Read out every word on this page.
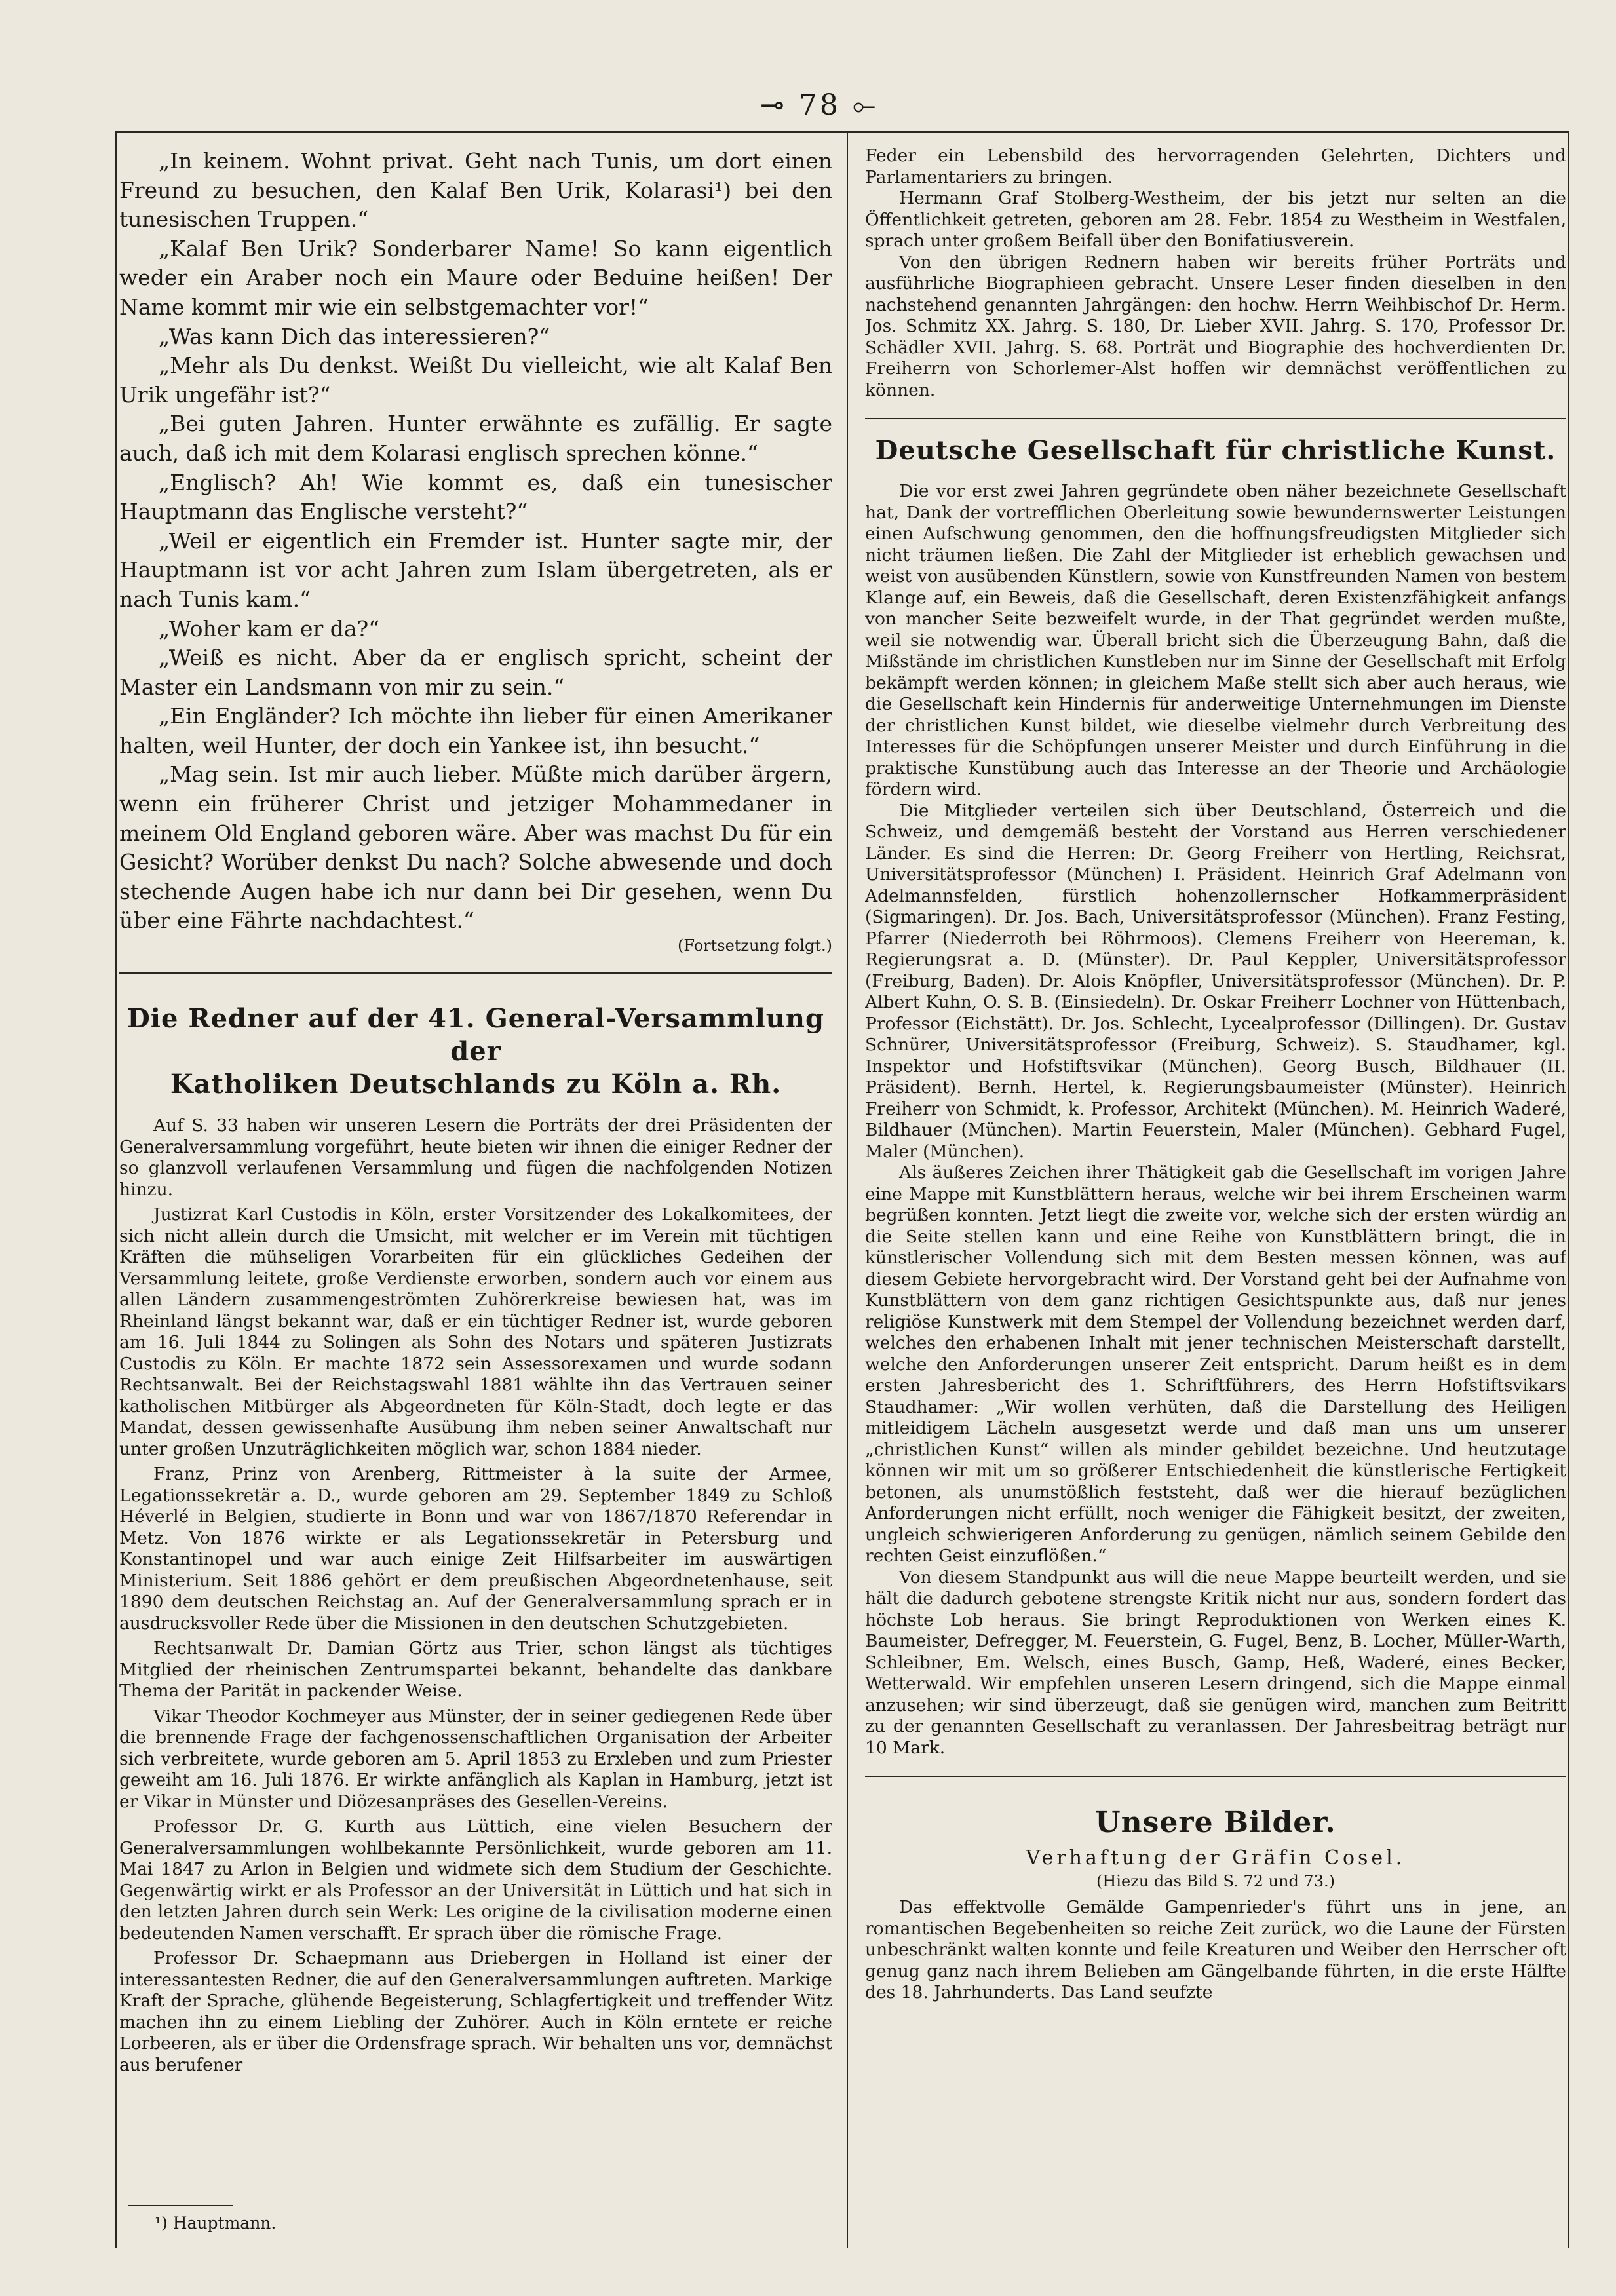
⊸ 78 ⟜

„In keinem. Wohnt privat. Geht nach Tunis, um dort einen Freund zu besuchen, den Kalaf Ben Urik, Kolarasi¹) bei den tunesischen Truppen.“

„Kalaf Ben Urik? Sonderbarer Name! So kann eigentlich weder ein Araber noch ein Maure oder Beduine heißen! Der Name kommt mir wie ein selbstgemachter vor!“

„Was kann Dich das interessieren?“

„Mehr als Du denkst. Weißt Du vielleicht, wie alt Kalaf Ben Urik ungefähr ist?“

„Bei guten Jahren. Hunter erwähnte es zufällig. Er sagte auch, daß ich mit dem Kolarasi englisch sprechen könne.“

„Englisch? Ah! Wie kommt es, daß ein tunesischer Hauptmann das Englische versteht?“

„Weil er eigentlich ein Fremder ist. Hunter sagte mir, der Hauptmann ist vor acht Jahren zum Islam übergetreten, als er nach Tunis kam.“

„Woher kam er da?“

„Weiß es nicht. Aber da er englisch spricht, scheint der Master ein Landsmann von mir zu sein.“

„Ein Engländer? Ich möchte ihn lieber für einen Amerikaner halten, weil Hunter, der doch ein Yankee ist, ihn besucht.“

„Mag sein. Ist mir auch lieber. Müßte mich darüber ärgern, wenn ein früherer Christ und jetziger Mohammedaner in meinem Old England geboren wäre. Aber was machst Du für ein Gesicht? Worüber denkst Du nach? Solche abwesende und doch stechende Augen habe ich nur dann bei Dir gesehen, wenn Du über eine Fährte nachdachtest.“

(Fortsetzung folgt.)

Die Redner auf der 41. General-Versammlung der
Katholiken Deutschlands zu Köln a. Rh.

Auf S. 33 haben wir unseren Lesern die Porträts der drei Präsidenten der Generalversammlung vorgeführt, heute bieten wir ihnen die einiger Redner der so glanzvoll verlaufenen Versammlung und fügen die nachfolgenden Notizen hinzu.

Justizrat Karl Custodis in Köln, erster Vorsitzender des Lokalkomitees, der sich nicht allein durch die Umsicht, mit welcher er im Verein mit tüchtigen Kräften die mühseligen Vorarbeiten für ein glückliches Gedeihen der Versammlung leitete, große Verdienste erworben, sondern auch vor einem aus allen Ländern zusammengeströmten Zuhörerkreise bewiesen hat, was im Rheinland längst bekannt war, daß er ein tüchtiger Redner ist, wurde geboren am 16. Juli 1844 zu Solingen als Sohn des Notars und späteren Justizrats Custodis zu Köln. Er machte 1872 sein Assessorexamen und wurde sodann Rechtsanwalt. Bei der Reichstagswahl 1881 wählte ihn das Vertrauen seiner katholischen Mitbürger als Abgeordneten für Köln-Stadt, doch legte er das Mandat, dessen gewissenhafte Ausübung ihm neben seiner Anwaltschaft nur unter großen Unzuträglichkeiten möglich war, schon 1884 nieder.

Franz, Prinz von Arenberg, Rittmeister à la suite der Armee, Legationssekretär a. D., wurde geboren am 29. September 1849 zu Schloß Héverlé in Belgien, studierte in Bonn und war von 1867/1870 Referendar in Metz. Von 1876 wirkte er als Legationssekretär in Petersburg und Konstantinopel und war auch einige Zeit Hilfsarbeiter im auswärtigen Ministerium. Seit 1886 gehört er dem preußischen Abgeordnetenhause, seit 1890 dem deutschen Reichstag an. Auf der Generalversammlung sprach er in ausdrucksvoller Rede über die Missionen in den deutschen Schutzgebieten.

Rechtsanwalt Dr. Damian Görtz aus Trier, schon längst als tüchtiges Mitglied der rheinischen Zentrumspartei bekannt, behandelte das dankbare Thema der Parität in packender Weise.

Vikar Theodor Kochmeyer aus Münster, der in seiner gediegenen Rede über die brennende Frage der fachgenossenschaftlichen Organisation der Arbeiter sich verbreitete, wurde geboren am 5. April 1853 zu Erxleben und zum Priester geweiht am 16. Juli 1876. Er wirkte anfänglich als Kaplan in Hamburg, jetzt ist er Vikar in Münster und Diözesanpräses des Gesellen-Vereins.

Professor Dr. G. Kurth aus Lüttich, eine vielen Besuchern der Generalversammlungen wohlbekannte Persönlichkeit, wurde geboren am 11. Mai 1847 zu Arlon in Belgien und widmete sich dem Studium der Geschichte. Gegenwärtig wirkt er als Professor an der Universität in Lüttich und hat sich in den letzten Jahren durch sein Werk: Les origine de la civilisation moderne einen bedeutenden Namen verschafft. Er sprach über die römische Frage.

Professor Dr. Schaepmann aus Driebergen in Holland ist einer der interessantesten Redner, die auf den Generalversammlungen auftreten. Markige Kraft der Sprache, glühende Begeisterung, Schlagfertigkeit und treffender Witz machen ihn zu einem Liebling der Zuhörer. Auch in Köln erntete er reiche Lorbeeren, als er über die Ordensfrage sprach. Wir behalten uns vor, demnächst aus berufener

¹) Hauptmann.

Feder ein Lebensbild des hervorragenden Gelehrten, Dichters und Parlamentariers zu bringen.

Hermann Graf Stolberg-Westheim, der bis jetzt nur selten an die Öffentlichkeit getreten, geboren am 28. Febr. 1854 zu Westheim in Westfalen, sprach unter großem Beifall über den Bonifatiusverein.

Von den übrigen Rednern haben wir bereits früher Porträts und ausführliche Biographieen gebracht. Unsere Leser finden dieselben in den nachstehend genannten Jahrgängen: den hochw. Herrn Weihbischof Dr. Herm. Jos. Schmitz XX. Jahrg. S. 180, Dr. Lieber XVII. Jahrg. S. 170, Professor Dr. Schädler XVII. Jahrg. S. 68. Porträt und Biographie des hochverdienten Dr. Freiherrn von Schorlemer-Alst hoffen wir demnächst veröffentlichen zu können.

Deutsche Gesellschaft für christliche Kunst.

Die vor erst zwei Jahren gegründete oben näher bezeichnete Gesellschaft hat, Dank der vortrefflichen Oberleitung sowie bewundernswerter Leistungen einen Aufschwung genommen, den die hoffnungsfreudigsten Mitglieder sich nicht träumen ließen. Die Zahl der Mitglieder ist erheblich gewachsen und weist von ausübenden Künstlern, sowie von Kunstfreunden Namen von bestem Klange auf, ein Beweis, daß die Gesellschaft, deren Existenzfähigkeit anfangs von mancher Seite bezweifelt wurde, in der That gegründet werden mußte, weil sie notwendig war. Überall bricht sich die Überzeugung Bahn, daß die Mißstände im christlichen Kunstleben nur im Sinne der Gesellschaft mit Erfolg bekämpft werden können; in gleichem Maße stellt sich aber auch heraus, wie die Gesellschaft kein Hindernis für anderweitige Unternehmungen im Dienste der christlichen Kunst bildet, wie dieselbe vielmehr durch Verbreitung des Interesses für die Schöpfungen unserer Meister und durch Einführung in die praktische Kunstübung auch das Interesse an der Theorie und Archäologie fördern wird.

Die Mitglieder verteilen sich über Deutschland, Österreich und die Schweiz, und demgemäß besteht der Vorstand aus Herren verschiedener Länder. Es sind die Herren: Dr. Georg Freiherr von Hertling, Reichsrat, Universitätsprofessor (München) I. Präsident. Heinrich Graf Adelmann von Adelmannsfelden, fürstlich hohenzollernscher Hofkammerpräsident (Sigmaringen). Dr. Jos. Bach, Universitätsprofessor (München). Franz Festing, Pfarrer (Niederroth bei Röhrmoos). Clemens Freiherr von Heereman, k. Regierungsrat a. D. (Münster). Dr. Paul Keppler, Universitätsprofessor (Freiburg, Baden). Dr. Alois Knöpfler, Universitätsprofessor (München). Dr. P. Albert Kuhn, O. S. B. (Einsiedeln). Dr. Oskar Freiherr Lochner von Hüttenbach, Professor (Eichstätt). Dr. Jos. Schlecht, Lycealprofessor (Dillingen). Dr. Gustav Schnürer, Universitätsprofessor (Freiburg, Schweiz). S. Staudhamer, kgl. Inspektor und Hofstiftsvikar (München). Georg Busch, Bildhauer (II. Präsident). Bernh. Hertel, k. Regierungsbaumeister (Münster). Heinrich Freiherr von Schmidt, k. Professor, Architekt (München). M. Heinrich Waderé, Bildhauer (München). Martin Feuerstein, Maler (München). Gebhard Fugel, Maler (München).

Als äußeres Zeichen ihrer Thätigkeit gab die Gesellschaft im vorigen Jahre eine Mappe mit Kunstblättern heraus, welche wir bei ihrem Erscheinen warm begrüßen konnten. Jetzt liegt die zweite vor, welche sich der ersten würdig an die Seite stellen kann und eine Reihe von Kunstblättern bringt, die in künstlerischer Vollendung sich mit dem Besten messen können, was auf diesem Gebiete hervorgebracht wird. Der Vorstand geht bei der Aufnahme von Kunstblättern von dem ganz richtigen Gesichtspunkte aus, daß nur jenes religiöse Kunstwerk mit dem Stempel der Vollendung bezeichnet werden darf, welches den erhabenen Inhalt mit jener technischen Meisterschaft darstellt, welche den Anforderungen unserer Zeit entspricht. Darum heißt es in dem ersten Jahresbericht des 1. Schriftführers, des Herrn Hofstiftsvikars Staudhamer: „Wir wollen verhüten, daß die Darstellung des Heiligen mitleidigem Lächeln ausgesetzt werde und daß man uns um unserer „christlichen Kunst“ willen als minder gebildet bezeichne. Und heutzutage können wir mit um so größerer Entschiedenheit die künstlerische Fertigkeit betonen, als unumstößlich feststeht, daß wer die hierauf bezüglichen Anforderungen nicht erfüllt, noch weniger die Fähigkeit besitzt, der zweiten, ungleich schwierigeren Anforderung zu genügen, nämlich seinem Gebilde den rechten Geist einzuflößen.“

Von diesem Standpunkt aus will die neue Mappe beurteilt werden, und sie hält die dadurch gebotene strengste Kritik nicht nur aus, sondern fordert das höchste Lob heraus. Sie bringt Reproduktionen von Werken eines K. Baumeister, Defregger, M. Feuerstein, G. Fugel, Benz, B. Locher, Müller-Warth, Schleibner, Em. Welsch, eines Busch, Gamp, Heß, Waderé, eines Becker, Wetterwald. Wir empfehlen unseren Lesern dringend, sich die Mappe einmal anzusehen; wir sind überzeugt, daß sie genügen wird, manchen zum Beitritt zu der genannten Gesellschaft zu veranlassen. Der Jahresbeitrag beträgt nur 10 Mark.

Unsere Bilder.
Verhaftung der Gräfin Cosel.
(Hiezu das Bild S. 72 und 73.)

Das effektvolle Gemälde Gampenrieder's führt uns in jene, an romantischen Begebenheiten so reiche Zeit zurück, wo die Laune der Fürsten unbeschränkt walten konnte und feile Kreaturen und Weiber den Herrscher oft genug ganz nach ihrem Belieben am Gängelbande führten, in die erste Hälfte des 18. Jahrhunderts. Das Land seufzte
